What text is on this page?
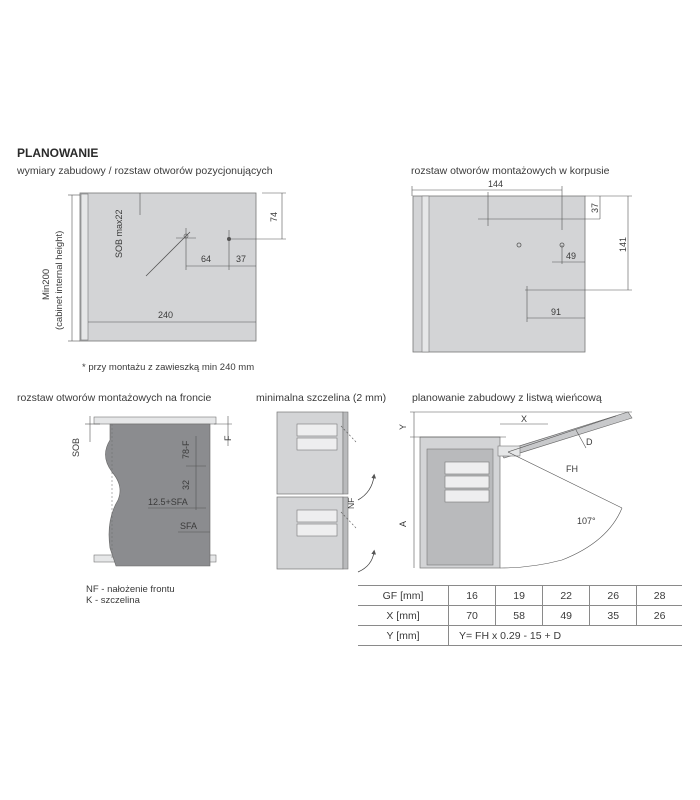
PLANOWANIE
wymiary zabudowy / rozstaw otworów pozycjonujących	rozstaw otworów montażowych w korpusie
rozstaw otworów montażowych na froncie	minimalna szczelina (2 mm) planowanie zabudowy z listwą wieńcową
* przy montażu z zawieszką min 240 mm
NF - nałożenie frontu
K - szczelina
SOB max22	74
64	37
240
Min200 (cabinet internal height)
144
37
141
49
91
SOB	F
78-F
32
12.5+SFA
SFA
NF
X
Y
D
FH
A	107°
GF [mm]	16	19	22	26	28
X [mm]	70	58	49	35	26
Y [mm]	Y= FH x 0.29 - 15 + D				
